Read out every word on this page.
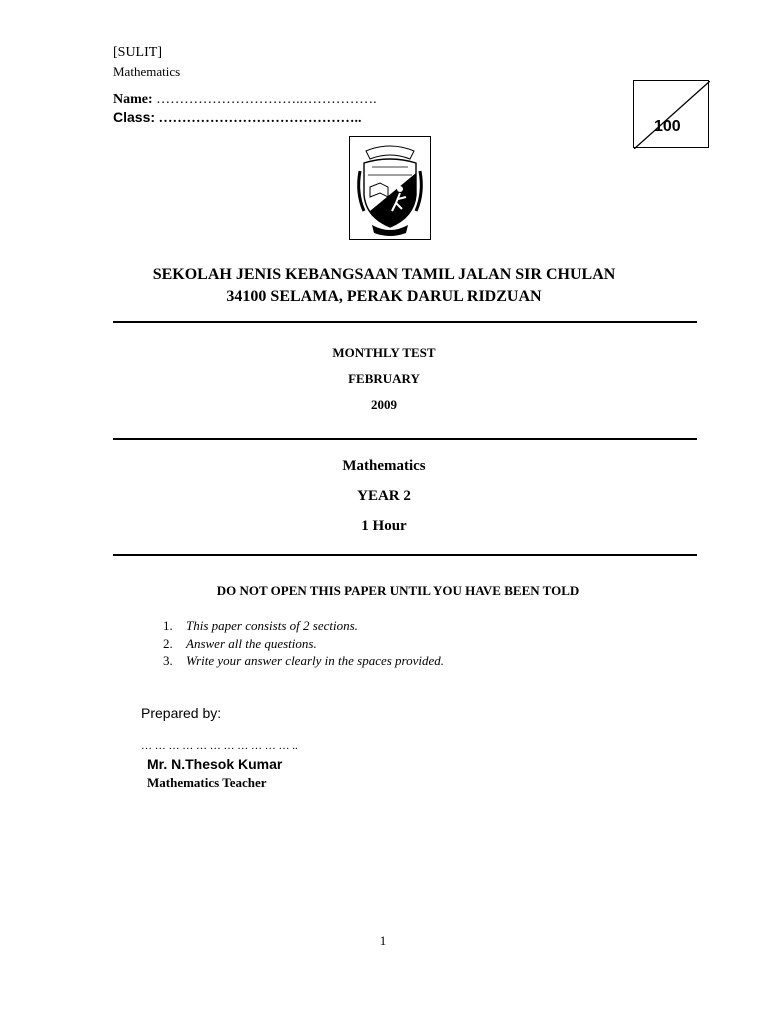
[SULIT]
Mathematics
Name: …………………………..…………….
Class: ……………………………………..	100
SEKOLAH JENIS KEBANGSAAN TAMIL JALAN SIR CHULAN
34100 SELAMA, PERAK DARUL RIDZUAN
MONTHLY TEST
FEBRUARY
2009
Mathematics
YEAR 2
1 Hour
DO NOT OPEN THIS PAPER UNTIL YOU HAVE BEEN TOLD
1. This paper consists of 2 sections.
2. Answer all the questions.
3. Write your answer clearly in the spaces provided.
Prepared by:
… … … … … … … … … … … ..
Mr. N.Thesok Kumar
Mathematics Teacher
1
